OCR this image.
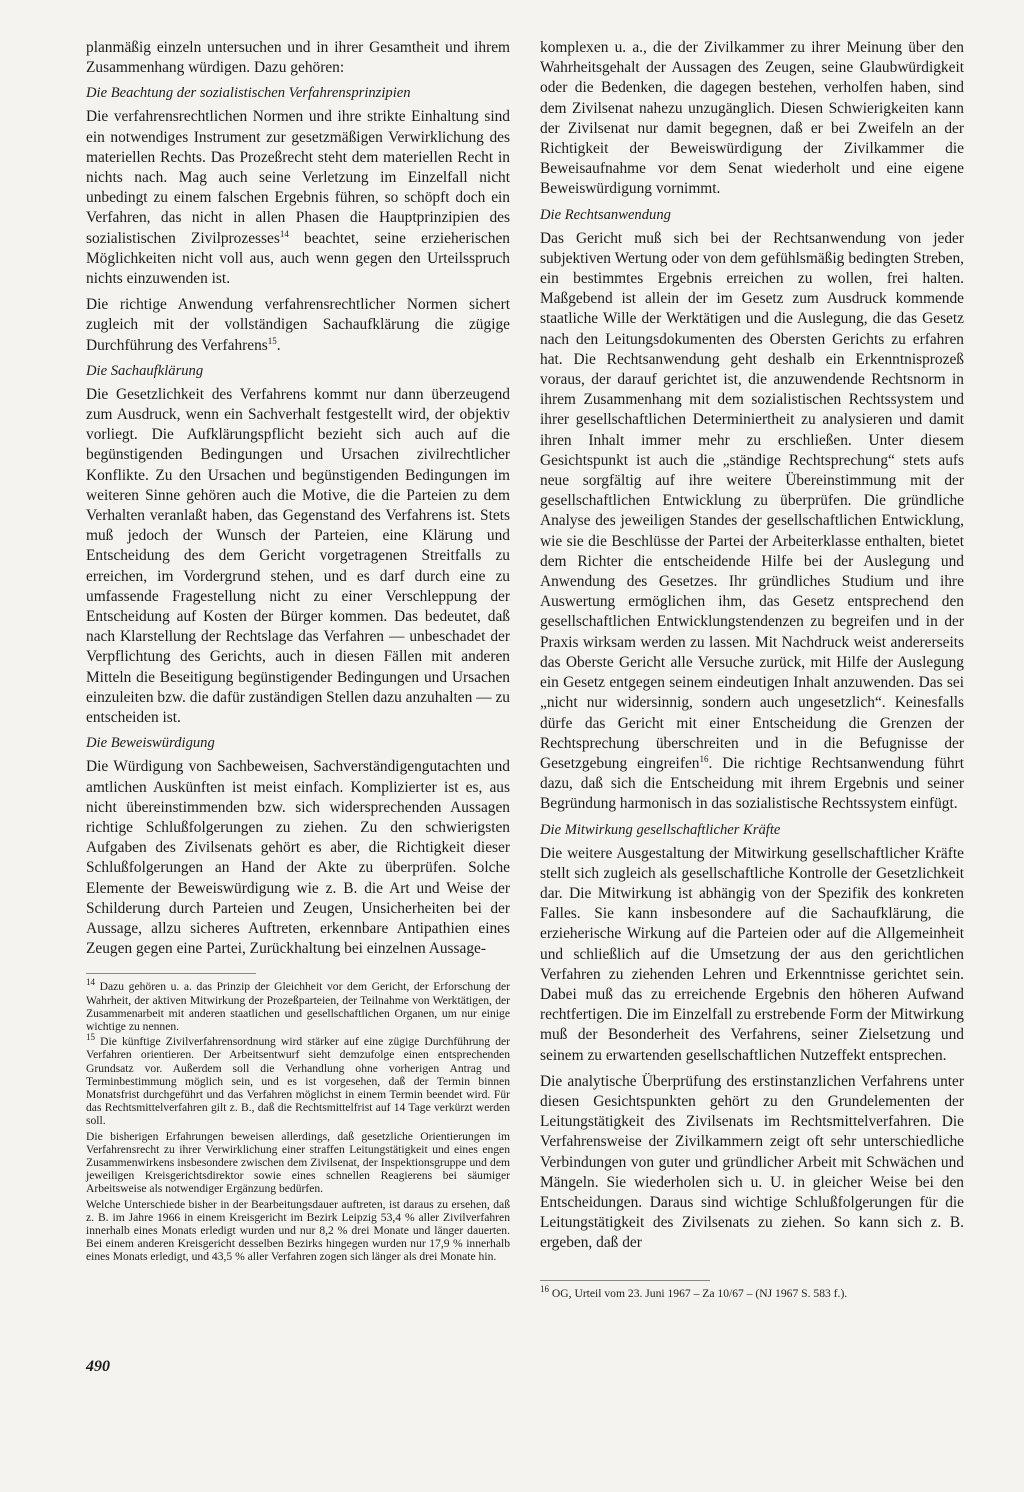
planmäßig einzeln untersuchen und in ihrer Gesamtheit und ihrem Zusammenhang würdigen. Dazu gehören:

Die Beachtung der sozialistischen Verfahrensprinzipien

Die verfahrensrechtlichen Normen und ihre strikte Einhaltung sind ein notwendiges Instrument zur gesetzmäßigen Verwirklichung des materiellen Rechts. Das Prozeßrecht steht dem materiellen Recht in nichts nach. Mag auch seine Verletzung im Einzelfall nicht unbedingt zu einem falschen Ergebnis führen, so schöpft doch ein Verfahren, das nicht in allen Phasen die Hauptprinzipien des sozialistischen Zivilprozesses$^{14}$ beachtet, seine erzieherischen Möglichkeiten nicht voll aus, auch wenn gegen den Urteilsspruch nichts einzuwenden ist.

Die richtige Anwendung verfahrensrechtlicher Normen sichert zugleich mit der vollständigen Sachaufklärung die zügige Durchführung des Verfahrens$^{15}$.

Die Sachaufklärung

Die Gesetzlichkeit des Verfahrens kommt nur dann überzeugend zum Ausdruck, wenn ein Sachverhalt festgestellt wird, der objektiv vorliegt. Die Aufklärungspflicht bezieht sich auch auf die begünstigenden Bedingungen und Ursachen zivilrechtlicher Konflikte. Zu den Ursachen und begünstigenden Bedingungen im weiteren Sinne gehören auch die Motive, die die Parteien zu dem Verhalten veranlaßt haben, das Gegenstand des Verfahrens ist. Stets muß jedoch der Wunsch der Parteien, eine Klärung und Entscheidung des dem Gericht vorgetragenen Streitfalls zu erreichen, im Vordergrund stehen, und es darf durch eine zu umfassende Fragestellung nicht zu einer Verschleppung der Entscheidung auf Kosten der Bürger kommen. Das bedeutet, daß nach Klarstellung der Rechtslage das Verfahren — unbeschadet der Verpflichtung des Gerichts, auch in diesen Fällen mit anderen Mitteln die Beseitigung begünstigender Bedingungen und Ursachen einzuleiten bzw. die dafür zuständigen Stellen dazu anzuhalten — zu entscheiden ist.

Die Beweiswürdigung

Die Würdigung von Sachbeweisen, Sachverständigengutachten und amtlichen Auskünften ist meist einfach. Komplizierter ist es, aus nicht übereinstimmenden bzw. sich widersprechenden Aussagen richtige Schlußfolgerungen zu ziehen. Zu den schwierigsten Aufgaben des Zivilsenats gehört es aber, die Richtigkeit dieser Schlußfolgerungen an Hand der Akte zu überprüfen. Solche Elemente der Beweiswürdigung wie z. B. die Art und Weise der Schilderung durch Parteien und Zeugen, Unsicherheiten bei der Aussage, allzu sicheres Auftreten, erkennbare Antipathien eines Zeugen gegen eine Partei, Zurückhaltung bei einzelnen Aussage-

$^{14}$ Dazu gehören u. a. das Prinzip der Gleichheit vor dem Gericht, der Erforschung der Wahrheit, der aktiven Mitwirkung der Prozeßparteien, der Teilnahme von Werktätigen, der Zusammenarbeit mit anderen staatlichen und gesellschaftlichen Organen, um nur einige wichtige zu nennen.

$^{15}$ Die künftige Zivilverfahrensordnung wird stärker auf eine zügige Durchführung der Verfahren orientieren. Der Arbeitsentwurf sieht demzufolge einen entsprechenden Grundsatz vor. Außerdem soll die Verhandlung ohne vorherigen Antrag und Terminbestimmung möglich sein, und es ist vorgesehen, daß der Termin binnen Monatsfrist durchgeführt und das Verfahren möglichst in einem Termin beendet wird. Für das Rechtsmittelverfahren gilt z. B., daß die Rechtsmittelfrist auf 14 Tage verkürzt werden soll.

Die bisherigen Erfahrungen beweisen allerdings, daß gesetzliche Orientierungen im Verfahrensrecht zu ihrer Verwirklichung einer straffen Leitungstätigkeit und eines engen Zusammenwirkens insbesondere zwischen dem Zivilsenat, der Inspektionsgruppe und dem jeweiligen Kreisgerichtsdirektor sowie eines schnellen Reagierens bei säumiger Arbeitsweise als notwendiger Ergänzung bedürfen.

Welche Unterschiede bisher in der Bearbeitungsdauer auftreten, ist daraus zu ersehen, daß z. B. im Jahre 1966 in einem Kreisgericht im Bezirk Leipzig 53,4 % aller Zivilverfahren innerhalb eines Monats erledigt wurden und nur 8,2 % drei Monate und länger dauerten. Bei einem anderen Kreisgericht desselben Bezirks hingegen wurden nur 17,9 % innerhalb eines Monats erledigt, und 43,5 % aller Verfahren zogen sich länger als drei Monate hin.

komplexen u. a., die der Zivilkammer zu ihrer Meinung über den Wahrheitsgehalt der Aussagen des Zeugen, seine Glaubwürdigkeit oder die Bedenken, die dagegen bestehen, verholfen haben, sind dem Zivilsenat nahezu unzugänglich. Diesen Schwierigkeiten kann der Zivilsenat nur damit begegnen, daß er bei Zweifeln an der Richtigkeit der Beweiswürdigung der Zivilkammer die Beweisaufnahme vor dem Senat wiederholt und eine eigene Beweiswürdigung vornimmt.

Die Rechtsanwendung

Das Gericht muß sich bei der Rechtsanwendung von jeder subjektiven Wertung oder von dem gefühlsmäßig bedingten Streben, ein bestimmtes Ergebnis erreichen zu wollen, frei halten. Maßgebend ist allein der im Gesetz zum Ausdruck kommende staatliche Wille der Werktätigen und die Auslegung, die das Gesetz nach den Leitungsdokumenten des Obersten Gerichts zu erfahren hat. Die Rechtsanwendung geht deshalb ein Erkenntnisprozeß voraus, der darauf gerichtet ist, die anzuwendende Rechtsnorm in ihrem Zusammenhang mit dem sozialistischen Rechtssystem und ihrer gesellschaftlichen Determiniertheit zu analysieren und damit ihren Inhalt immer mehr zu erschließen. Unter diesem Gesichtspunkt ist auch die „ständige Rechtsprechung“ stets aufs neue sorgfältig auf ihre weitere Übereinstimmung mit der gesellschaftlichen Entwicklung zu überprüfen. Die gründliche Analyse des jeweiligen Standes der gesellschaftlichen Entwicklung, wie sie die Beschlüsse der Partei der Arbeiterklasse enthalten, bietet dem Richter die entscheidende Hilfe bei der Auslegung und Anwendung des Gesetzes. Ihr gründliches Studium und ihre Auswertung ermöglichen ihm, das Gesetz entsprechend den gesellschaftlichen Entwicklungstendenzen zu begreifen und in der Praxis wirksam werden zu lassen. Mit Nachdruck weist andererseits das Oberste Gericht alle Versuche zurück, mit Hilfe der Auslegung ein Gesetz entgegen seinem eindeutigen Inhalt anzuwenden. Das sei „nicht nur widersinnig, sondern auch ungesetzlich“. Keinesfalls dürfe das Gericht mit einer Entscheidung die Grenzen der Rechtsprechung überschreiten und in die Befugnisse der Gesetzgebung eingreifen$^{16}$. Die richtige Rechtsanwendung führt dazu, daß sich die Entscheidung mit ihrem Ergebnis und seiner Begründung harmonisch in das sozialistische Rechtssystem einfügt.

Die Mitwirkung gesellschaftlicher Kräfte

Die weitere Ausgestaltung der Mitwirkung gesellschaftlicher Kräfte stellt sich zugleich als gesellschaftliche Kontrolle der Gesetzlichkeit dar. Die Mitwirkung ist abhängig von der Spezifik des konkreten Falles. Sie kann insbesondere auf die Sachaufklärung, die erzieherische Wirkung auf die Parteien oder auf die Allgemeinheit und schließlich auf die Umsetzung der aus den gerichtlichen Verfahren zu ziehenden Lehren und Erkenntnisse gerichtet sein. Dabei muß das zu erreichende Ergebnis den höheren Aufwand rechtfertigen. Die im Einzelfall zu erstrebende Form der Mitwirkung muß der Besonderheit des Verfahrens, seiner Zielsetzung und seinem zu erwartenden gesellschaftlichen Nutzeffekt entsprechen.

Die analytische Überprüfung des erstinstanzlichen Verfahrens unter diesen Gesichtspunkten gehört zu den Grundelementen der Leitungstätigkeit des Zivilsenats im Rechtsmittelverfahren. Die Verfahrensweise der Zivilkammern zeigt oft sehr unterschiedliche Verbindungen von guter und gründlicher Arbeit mit Schwächen und Mängeln. Sie wiederholen sich u. U. in gleicher Weise bei den Entscheidungen. Daraus sind wichtige Schlußfolgerungen für die Leitungstätigkeit des Zivilsenats zu ziehen. So kann sich z. B. ergeben, daß der

$^{16}$ OG, Urteil vom 23. Juni 1967 – Za 10/67 – (NJ 1967 S. 583 f.).

490
